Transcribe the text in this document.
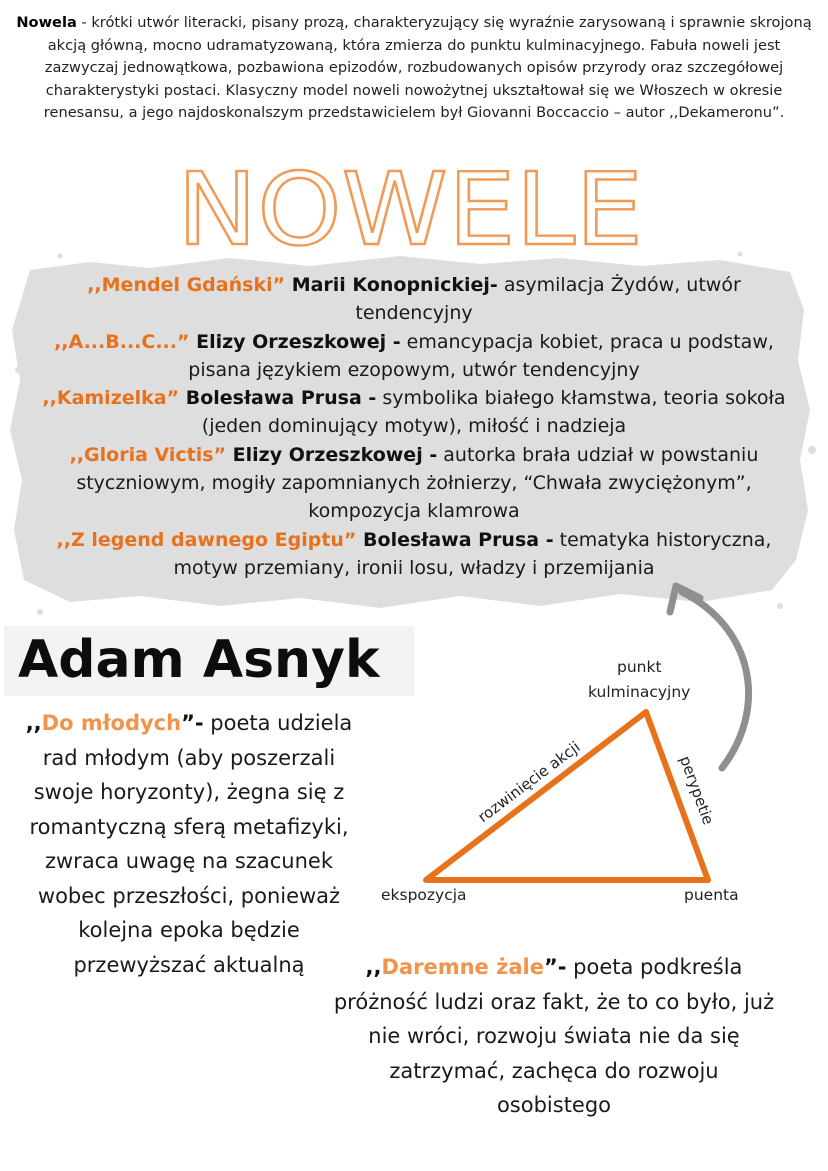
Nowela - krótki utwór literacki, pisany prozą, charakteryzujący się wyraźnie zarysowaną i sprawnie skrojoną akcją główną, mocno udramatyzowaną, która zmierza do punktu kulminacyjnego. Fabuła noweli jest zazwyczaj jednowątkowa, pozbawiona epizodów, rozbudowanych opisów przyrody oraz szczegółowej charakterystyki postaci. Klasyczny model noweli nowożytnej ukształtował się we Włoszech w okresie renesansu, a jego najdoskonalszym przedstawicielem był Giovanni Boccaccio – autor ,,Dekameronu”.
NOWELE
,,Mendel Gdański” Marii Konopnickiej- asymilacja Żydów, utwór tendencyjny
,,A...B...C...” Elizy Orzeszkowej - emancypacja kobiet, praca u podstaw, pisana językiem ezopowym, utwór tendencyjny
,,Kamizelka” Bolesława Prusa - symbolika białego kłamstwa, teoria sokoła (jeden dominujący motyw), miłość i nadzieja
,,Gloria Victis” Elizy Orzeszkowej - autorka brała udział w powstaniu styczniowym, mogiły zapomnianych żołnierzy, “Chwała zwyciężonym”, kompozycja klamrowa
,,Z legend dawnego Egiptu” Bolesława Prusa - tematyka historyczna, motyw przemiany, ironii losu, władzy i przemijania
Adam Asnyk
,,Do młodych”- poeta udziela rad młodym (aby poszerzali swoje horyzonty), żegna się z romantyczną sferą metafizyki, zwraca uwagę na szacunek wobec przeszłości, ponieważ kolejna epoka będzie przewyższać aktualną
rozwinięcie akcji	perypetie
punkt
kulminacyjny
ekspozycja	puenta
,,Daremne żale”- poeta podkreśla próżność ludzi oraz fakt, że to co było, już nie wróci, rozwoju świata nie da się zatrzymać, zachęca do rozwoju osobistego
